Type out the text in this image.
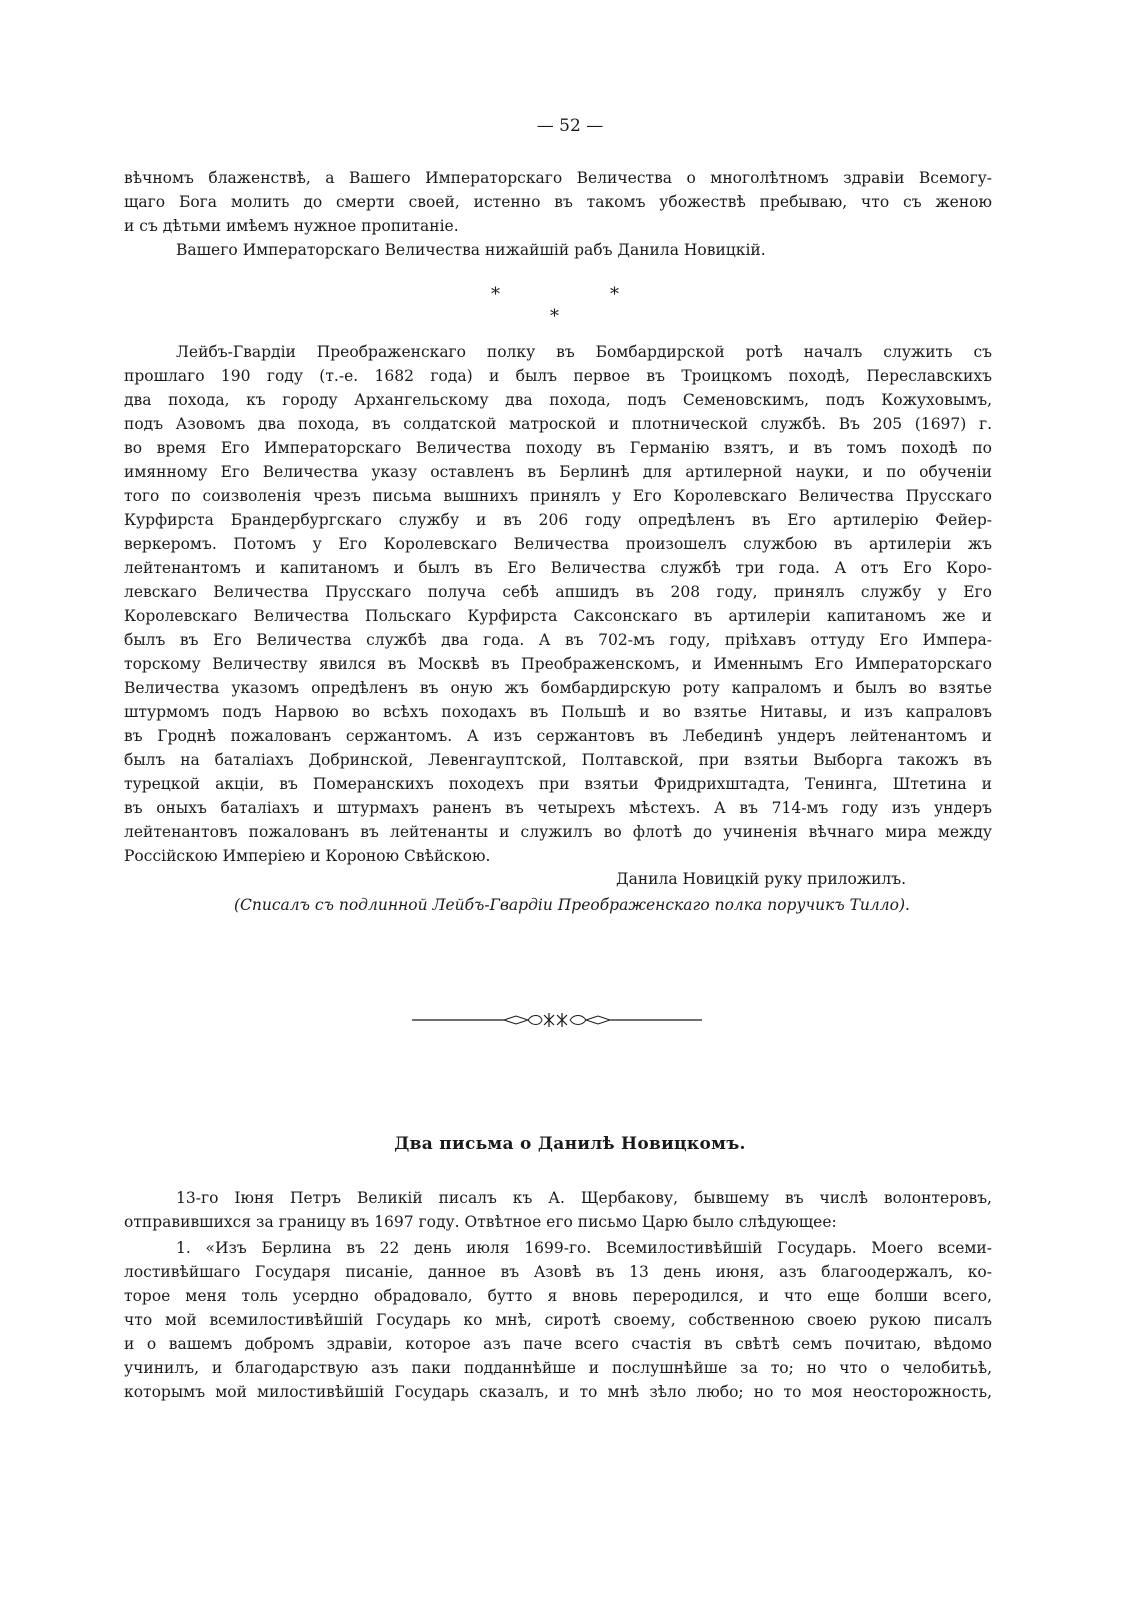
— 52 —
вѣчномъ блаженствѣ, а Вашего Императорскаго Величества о многолѣтномъ здравіи Всемогу-
щаго Бога молить до смерти своей, истенно въ такомъ убожествѣ пребываю, что съ женою
и съ дѣтьми имѣемъ нужное пропитаніе.
Вашего Императорскаго Величества нижайшій рабъ Данила Новицкій.
*	*
*
Лейбъ-Гвардіи Преображенскаго полку въ Бомбардирской ротѣ началъ служить съ
прошлаго 190 году (т.-е. 1682 года) и былъ первое въ Троицкомъ походѣ, Переславскихъ
два похода, къ городу Архангельскому два похода, подъ Семеновскимъ, подъ Кожуховымъ,
подъ Азовомъ два похода, въ солдатской матроской и плотнической службѣ. Въ 205 (1697) г.
во время Его Императорскаго Величества походу въ Германію взятъ, и въ томъ походѣ по
имянному Его Величества указу оставленъ въ Берлинѣ для артилерной науки, и по обученіи
того по соизволенія чрезъ письма вышнихъ принялъ у Его Королевскаго Величества Прусскаго
Курфирста Брандербургскаго службу и въ 206 году опредѣленъ въ Его артилерію Фейер-
веркеромъ. Потомъ у Его Королевскаго Величества произошелъ службою въ артилеріи жъ
лейтенантомъ и капитаномъ и былъ въ Его Величества службѣ три года. А отъ Его Коро-
левскаго Величества Прусскаго получа себѣ апшидъ въ 208 году, принялъ службу у Его
Королевскаго Величества Польскаго Курфирста Саксонскаго въ артилеріи капитаномъ же и
былъ въ Его Величества службѣ два года. А въ 702-мъ году, пріѣхавъ оттуду Его Импера-
торскому Величеству явился въ Москвѣ въ Преображенскомъ, и Именнымъ Его Императорскаго
Величества указомъ опредѣленъ въ оную жъ бомбардирскую роту капраломъ и былъ во взятье
штурмомъ подъ Нарвою во всѣхъ походахъ въ Польшѣ и во взятье Нитавы, и изъ капраловъ
въ Гроднѣ пожалованъ сержантомъ. А изъ сержантовъ въ Лебединѣ ундеръ лейтенантомъ и
былъ на баталіахъ Добринской, Левенгауптской, Полтавской, при взятьи Выборга такожъ въ
турецкой акціи, въ Померанскихъ походехъ при взятьи Фридрихштадта, Тенинга, Штетина и
въ оныхъ баталіахъ и штурмахъ раненъ въ четырехъ мѣстехъ. А въ 714-мъ году изъ ундеръ
лейтенантовъ пожалованъ въ лейтенанты и служилъ во флотѣ до учиненія вѣчнаго мира между
Россійскою Имперіею и Короною Свѣйскою.
Данила Новицкій руку приложилъ.
(Списалъ съ подлинной Лейбъ-Гвардіи Преображенскаго полка поручикъ Тилло).
Два письма о Данилѣ Новицкомъ.
13-го Іюня Петръ Великій писалъ къ А. Щербакову, бывшему въ числѣ волонтеровъ,
отправившихся за границу въ 1697 году. Отвѣтное его письмо Царю было слѣдующее:
1. «Изъ Берлина въ 22 день июля 1699-го. Всемилостивѣйшій Государь. Моего всеми-
лостивѣйшаго Государя писаніе, данное въ Азовѣ въ 13 день июня, азъ благоодержалъ, ко-
торое меня толь усердно обрадовало, бутто я вновь переродился, и что еще болши всего,
что мой всемилостивѣйшій Государь ко мнѣ, сиротѣ своему, собственною своею рукою писалъ
и о вашемъ добромъ здравіи, которое азъ паче всего счастія въ свѣтѣ семъ почитаю, вѣдомо
учинилъ, и благодарствую азъ паки подданнѣйше и послушнѣйше за то; но что о челобитьѣ,
которымъ мой милостивѣйшій Государь сказалъ, и то мнѣ зѣло любо; но то моя неосторожность,
